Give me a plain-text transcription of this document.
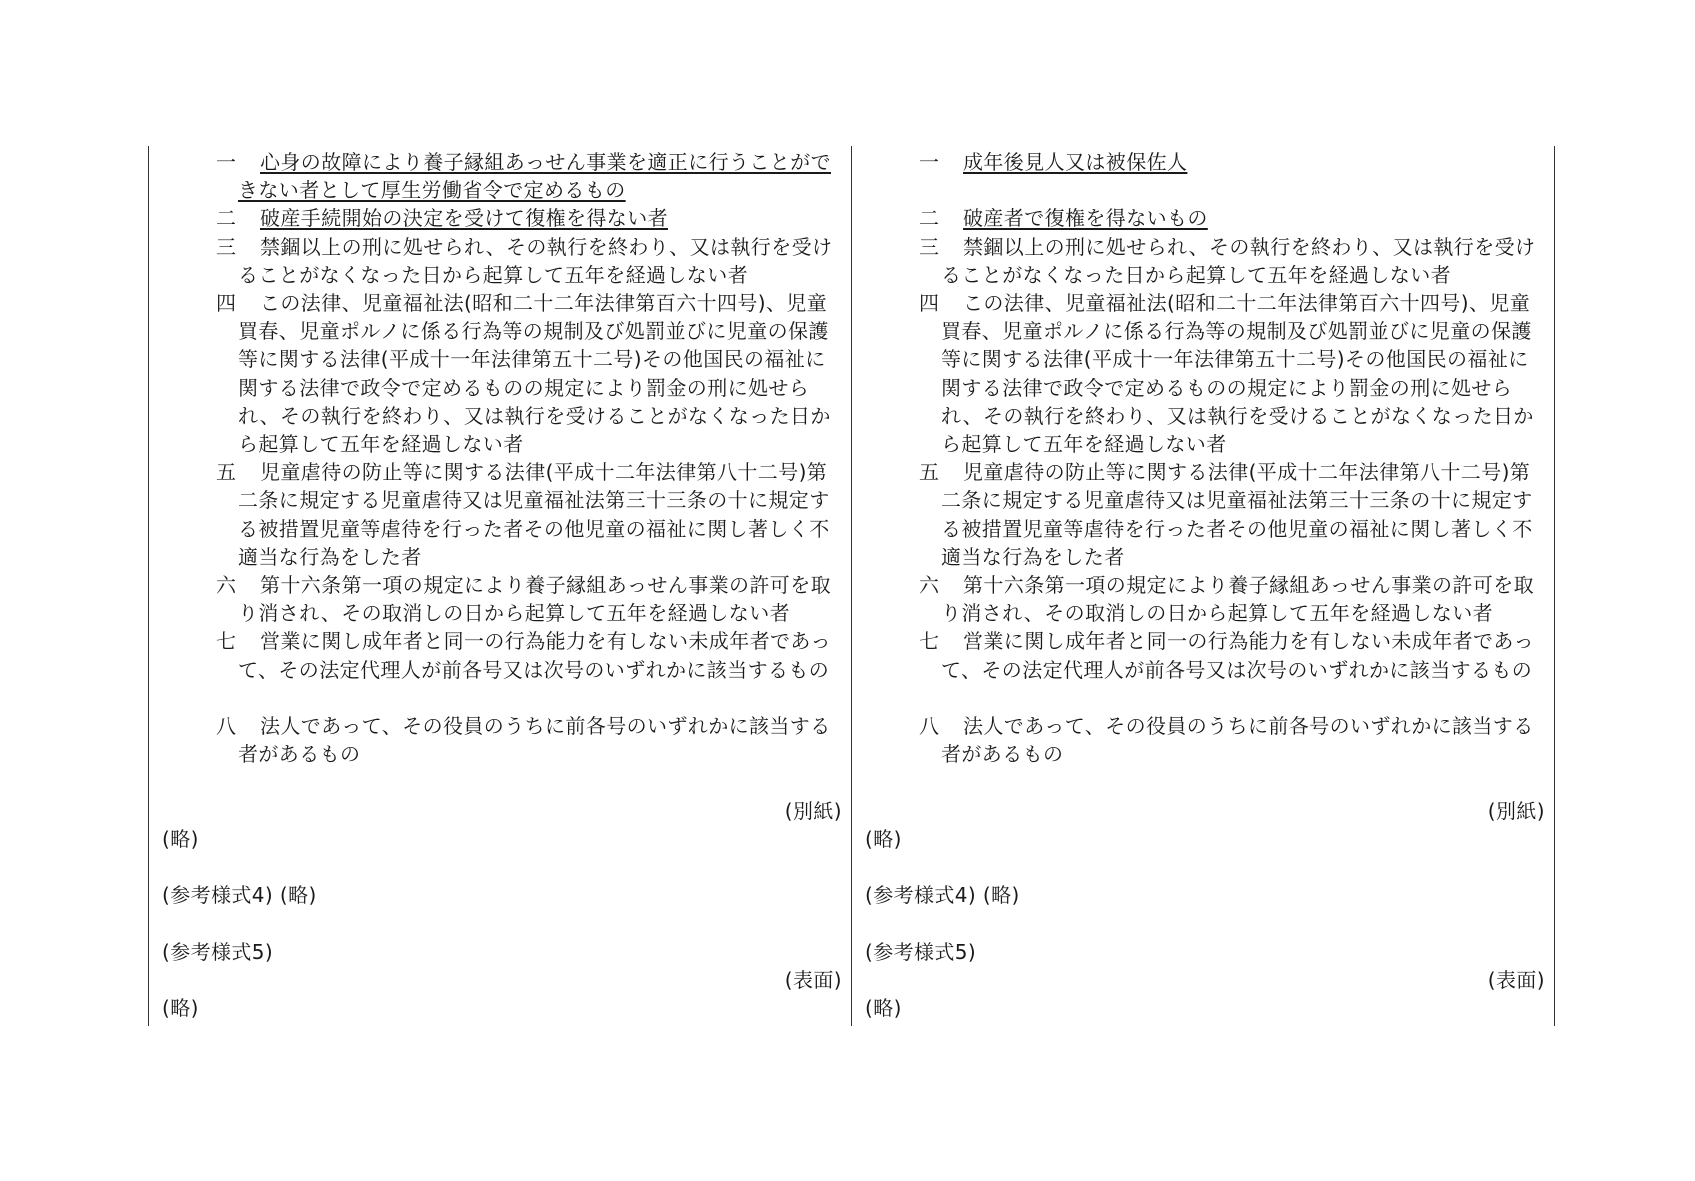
一 心身の故障により養子縁組あっせん事業を適正に行うことができない者として厚生労働省令で定めるもの
二 破産手続開始の決定を受けて復権を得ない者
三 禁錮以上の刑に処せられ、その執行を終わり、又は執行を受けることがなくなった日から起算して五年を経過しない者
四 この法律、児童福祉法(昭和二十二年法律第百六十四号)、児童買春、児童ポルノに係る行為等の規制及び処罰並びに児童の保護等に関する法律(平成十一年法律第五十二号)その他国民の福祉に関する法律で政令で定めるものの規定により罰金の刑に処せられ、その執行を終わり、又は執行を受けることがなくなった日から起算して五年を経過しない者
五 児童虐待の防止等に関する法律(平成十二年法律第八十二号)第二条に規定する児童虐待又は児童福祉法第三十三条の十に規定する被措置児童等虐待を行った者その他児童の福祉に関し著しく不適当な行為をした者
六 第十六条第一項の規定により養子縁組あっせん事業の許可を取り消され、その取消しの日から起算して五年を経過しない者
七 営業に関し成年者と同一の行為能力を有しない未成年者であって、その法定代理人が前各号又は次号のいずれかに該当するもの
八 法人であって、その役員のうちに前各号のいずれかに該当する者があるもの
(別紙)
(略)
(参考様式4) (略)
(参考様式5)
(表面)
(略)
一 成年後見人又は被保佐人
二 破産者で復権を得ないもの
三 禁錮以上の刑に処せられ、その執行を終わり、又は執行を受けることがなくなった日から起算して五年を経過しない者
四 この法律、児童福祉法(昭和二十二年法律第百六十四号)、児童買春、児童ポルノに係る行為等の規制及び処罰並びに児童の保護等に関する法律(平成十一年法律第五十二号)その他国民の福祉に関する法律で政令で定めるものの規定により罰金の刑に処せられ、その執行を終わり、又は執行を受けることがなくなった日から起算して五年を経過しない者
五 児童虐待の防止等に関する法律(平成十二年法律第八十二号)第二条に規定する児童虐待又は児童福祉法第三十三条の十に規定する被措置児童等虐待を行った者その他児童の福祉に関し著しく不適当な行為をした者
六 第十六条第一項の規定により養子縁組あっせん事業の許可を取り消され、その取消しの日から起算して五年を経過しない者
七 営業に関し成年者と同一の行為能力を有しない未成年者であって、その法定代理人が前各号又は次号のいずれかに該当するもの
八 法人であって、その役員のうちに前各号のいずれかに該当する者があるもの
(別紙)
(略)
(参考様式4) (略)
(参考様式5)
(表面)
(略)
